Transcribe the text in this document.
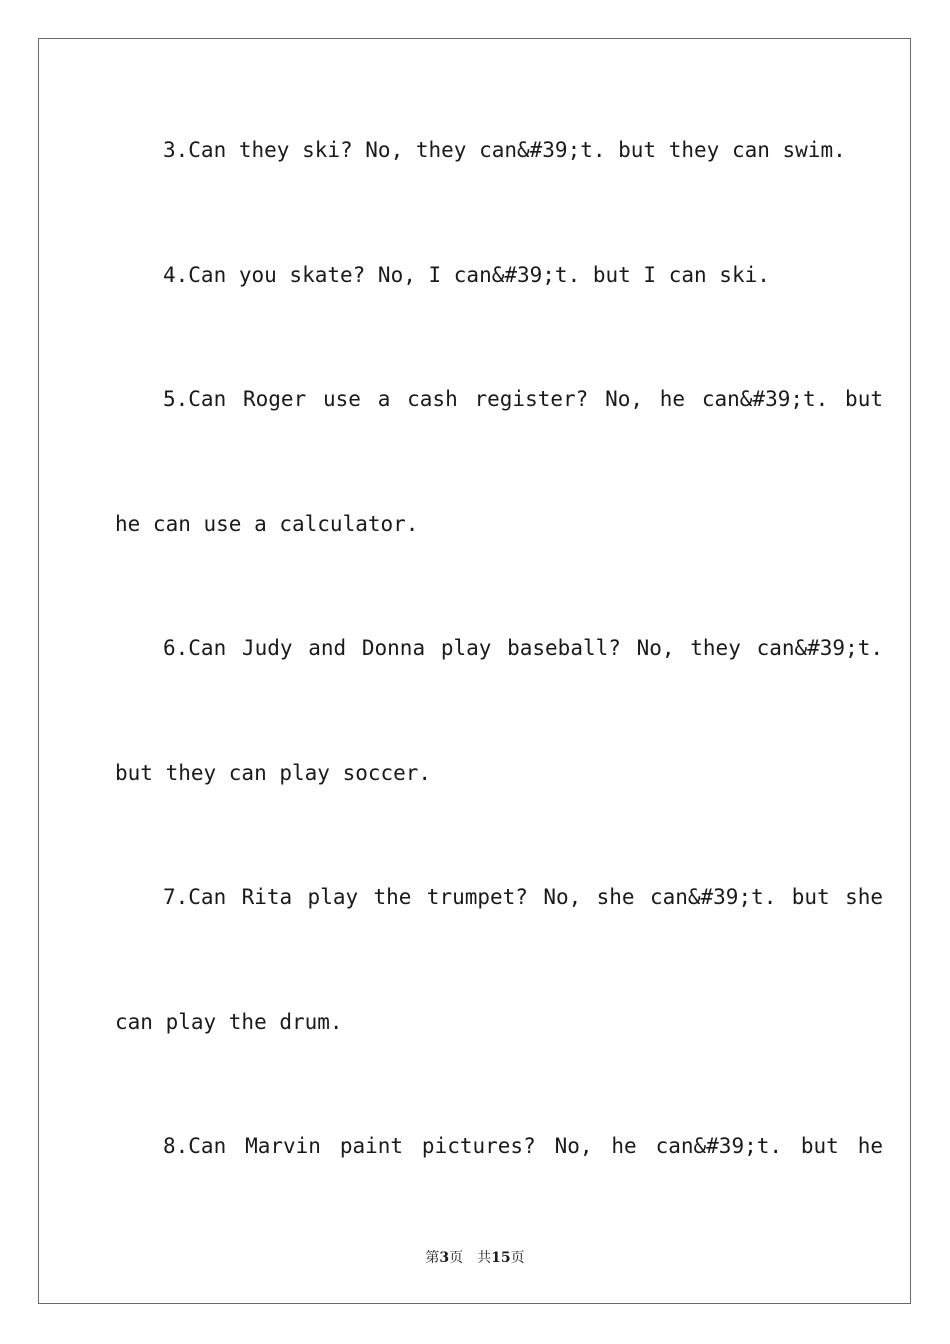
3.Can they ski? No, they can&#39;t. but they can swim.
4.Can you skate? No, I can&#39;t. but I can ski.
5.Can Roger use a cash register? No, he can&#39;t. but
he can use a calculator.
6.Can Judy and Donna play baseball? No, they can&#39;t.
but they can play soccer.
7.Can Rita play the trumpet? No, she can&#39;t. but she
can play the drum.
8.Can Marvin paint pictures? No, he can&#39;t. but he
第3页 共15页
